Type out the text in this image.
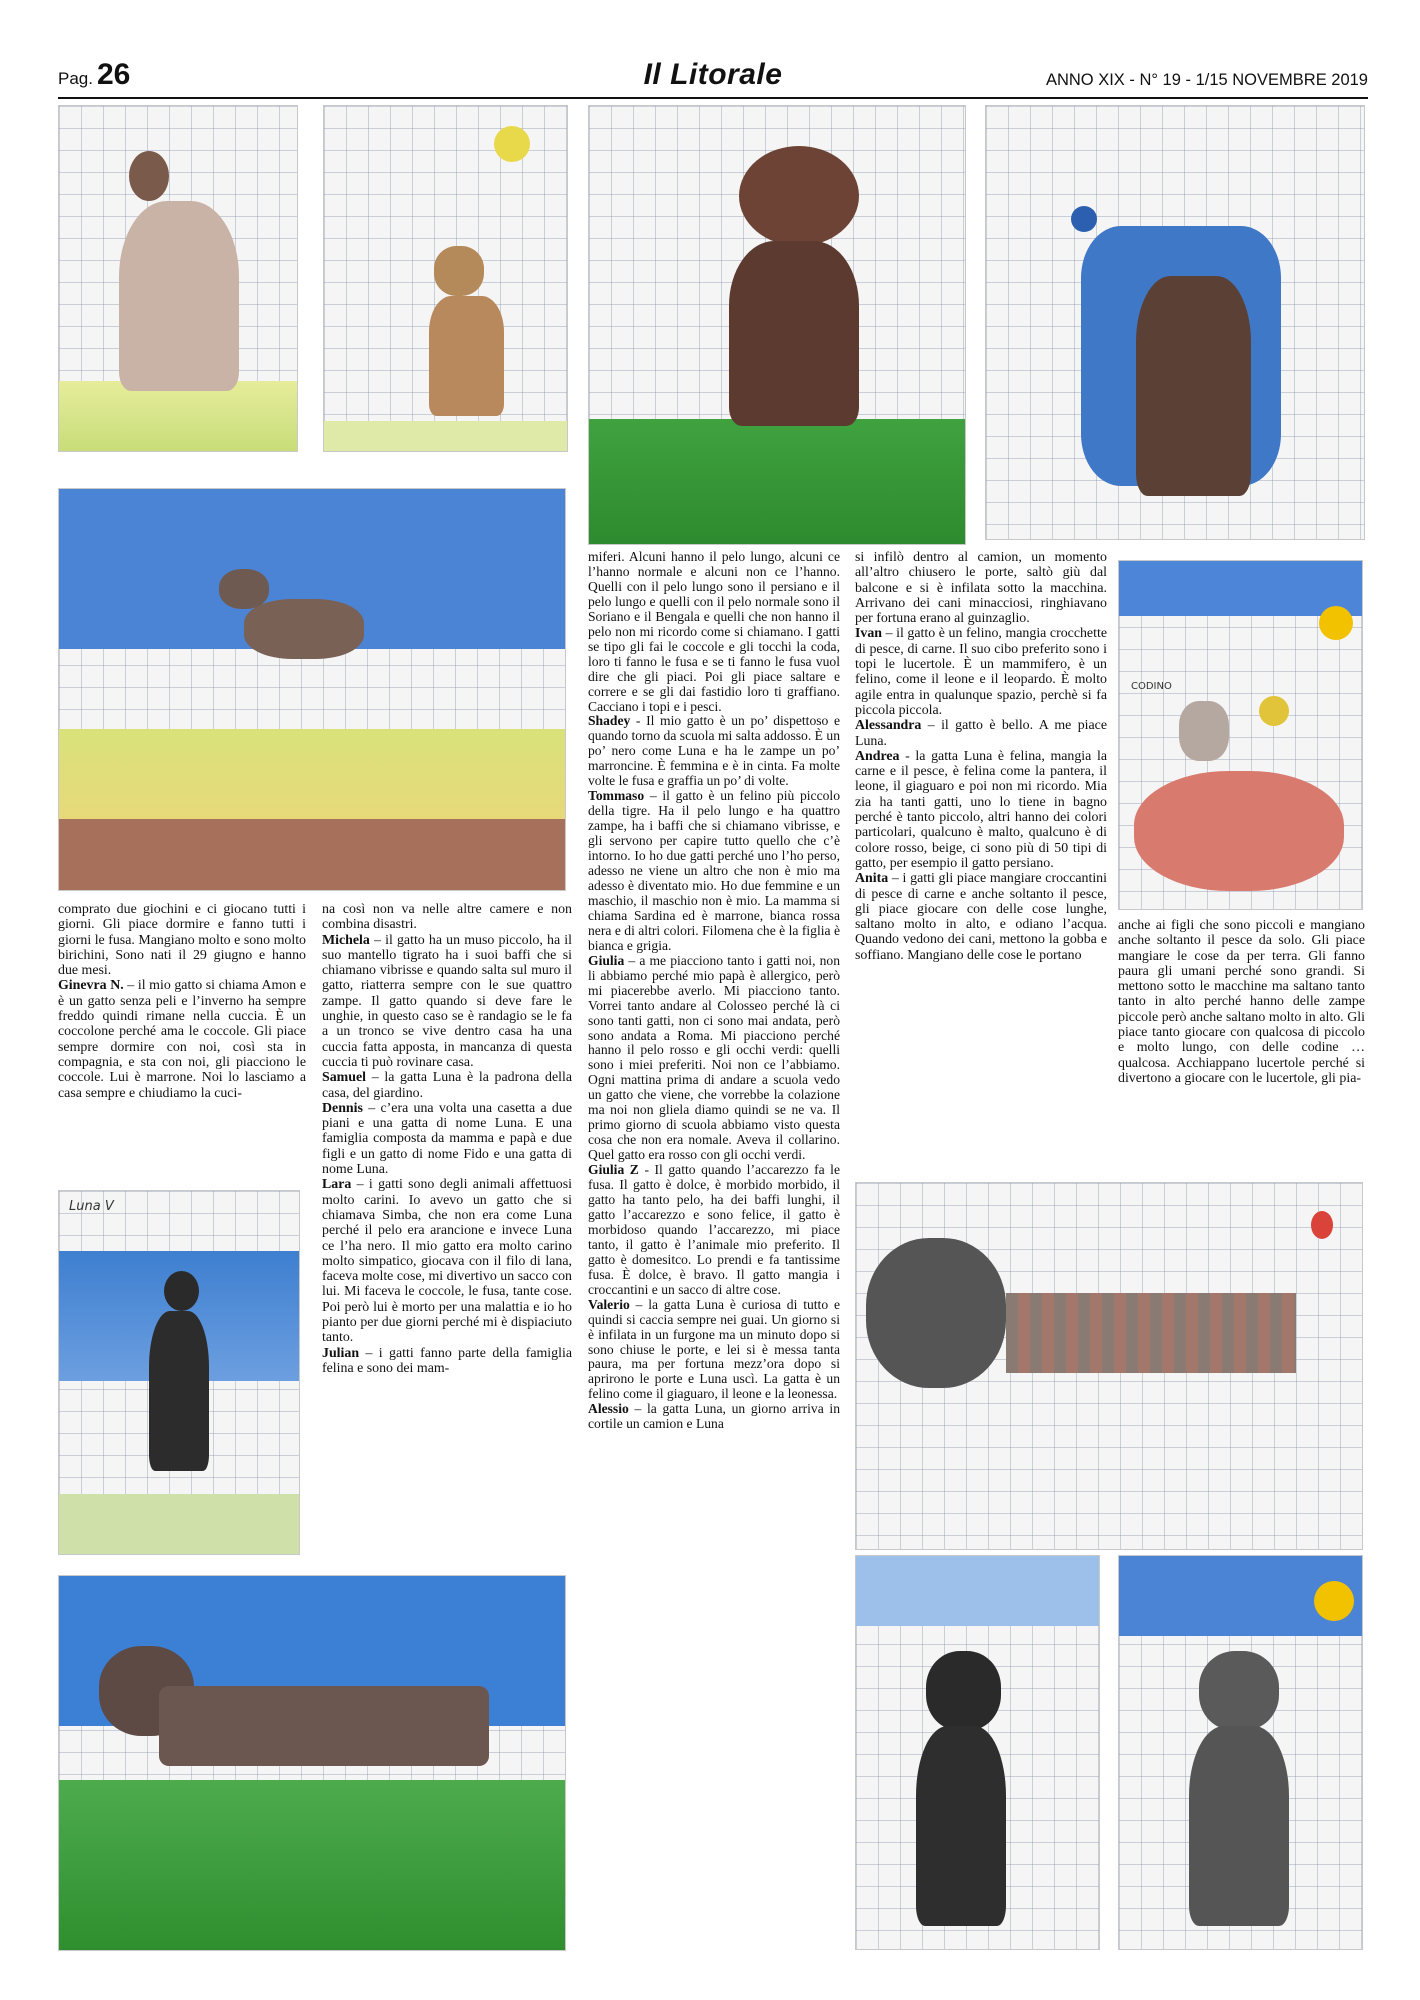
Pag. 26	Il Litorale	ANNO XIX - N° 19 - 1/15 NOVEMBRE 2019
Luna V
CODINO

comprato due giochini e ci giocano tutti i giorni. Gli piace dormire e fanno tutti i giorni le fusa. Mangiano molto e sono molto birichini, Sono nati il 29 giugno e hanno due mesi.

Ginevra N. – il mio gatto si chiama Amon e è un gatto senza peli e l’inverno ha sempre freddo quindi rimane nella cuccia. È un coccolone perché ama le coccole. Gli piace sempre dormire con noi, così sta in compagnia, e sta con noi, gli piacciono le coccole. Lui è marrone. Noi lo lasciamo a casa sempre e chiudiamo la cuci-

na così non va nelle altre camere e non combina disastri.

Michela – il gatto ha un muso piccolo, ha il suo mantello tigrato ha i suoi baffi che si chiamano vibrisse e quando salta sul muro il gatto, riatterra sempre con le sue quattro zampe. Il gatto quando si deve fare le unghie, in questo caso se è randagio se le fa a un tronco se vive dentro casa ha una cuccia fatta apposta, in mancanza di questa cuccia ti può rovinare casa.

Samuel – la gatta Luna è la padrona della casa, del giardino.

Dennis – c’era una volta una casetta a due piani e una gatta di nome Luna. E una famiglia composta da mamma e papà e due figli e un gatto di nome Fido e una gatta di nome Luna.

Lara – i gatti sono degli animali affettuosi molto carini. Io avevo un gatto che si chiamava Simba, che non era come Luna perché il pelo era arancione e invece Luna ce l’ha nero. Il mio gatto era molto carino molto simpatico, giocava con il filo di lana, faceva molte cose, mi divertivo un sacco con lui. Mi faceva le coccole, le fusa, tante cose. Poi però lui è morto per una malattia e io ho pianto per due giorni perché mi è dispiaciuto tanto.

Julian – i gatti fanno parte della famiglia felina e sono dei mam-

miferi. Alcuni hanno il pelo lungo, alcuni ce l’hanno normale e alcuni non ce l’hanno. Quelli con il pelo lungo sono il persiano e il pelo lungo e quelli con il pelo normale sono il Soriano e il Bengala e quelli che non hanno il pelo non mi ricordo come si chiamano. I gatti se tipo gli fai le coccole e gli tocchi la coda, loro ti fanno le fusa e se ti fanno le fusa vuol dire che gli piaci. Poi gli piace saltare e correre e se gli dai fastidio loro ti graffiano. Cacciano i topi e i pesci.

Shadey - Il mio gatto è un po’ dispettoso e quando torno da scuola mi salta addosso. È un po’ nero come Luna e ha le zampe un po’ marroncine. È femmina e è in cinta. Fa molte volte le fusa e graffia un po’ di volte.

Tommaso – il gatto è un felino più piccolo della tigre. Ha il pelo lungo e ha quattro zampe, ha i baffi che si chiamano vibrisse, e gli servono per capire tutto quello che c’è intorno. Io ho due gatti perché uno l’ho perso, adesso ne viene un altro che non è mio ma adesso è diventato mio. Ho due femmine e un maschio, il maschio non è mio. La mamma si chiama Sardina ed è marrone, bianca rossa nera e di altri colori. Filomena che è la figlia è bianca e grigia.

Giulia – a me piacciono tanto i gatti noi, non li abbiamo perché mio papà è allergico, però mi piacerebbe averlo. Mi piacciono tanto. Vorrei tanto andare al Colosseo perché là ci sono tanti gatti, non ci sono mai andata, però sono andata a Roma. Mi piacciono perché hanno il pelo rosso e gli occhi verdi: quelli sono i miei preferiti. Noi non ce l’abbiamo. Ogni mattina prima di andare a scuola vedo un gatto che viene, che vorrebbe la colazione ma noi non gliela diamo quindi se ne va. Il primo giorno di scuola abbiamo visto questa cosa che non era nomale. Aveva il collarino. Quel gatto era rosso con gli occhi verdi.

Giulia Z - Il gatto quando l’accarezzo fa le fusa. Il gatto è dolce, è morbido morbido, il gatto ha tanto pelo, ha dei baffi lunghi, il gatto l’accarezzo e sono felice, il gatto è morbidoso quando l’accarezzo, mi piace tanto, il gatto è l’animale mio preferito. Il gatto è domesitco. Lo prendi e fa tantissime fusa. È dolce, è bravo. Il gatto mangia i croccantini e un sacco di altre cose.

Valerio – la gatta Luna è curiosa di tutto e quindi si caccia sempre nei guai. Un giorno si è infilata in un furgone ma un minuto dopo si sono chiuse le porte, e lei si è messa tanta paura, ma per fortuna mezz’ora dopo si aprirono le porte e Luna uscì. La gatta è un felino come il giaguaro, il leone e la leonessa.

Alessio – la gatta Luna, un giorno arriva in cortile un camion e Luna

si infilò dentro al camion, un momento all’altro chiusero le porte, saltò giù dal balcone e si è infilata sotto la macchina. Arrivano dei cani minacciosi, ringhiavano per fortuna erano al guinzaglio.

Ivan – il gatto è un felino, mangia crocchette di pesce, di carne. Il suo cibo preferito sono i topi le lucertole. È un mammifero, è un felino, come il leone e il leopardo. È molto agile entra in qualunque spazio, perchè si fa piccola piccola.

Alessandra – il gatto è bello. A me piace Luna.

Andrea - la gatta Luna è felina, mangia la carne e il pesce, è felina come la pantera, il leone, il giaguaro e poi non mi ricordo. Mia zia ha tanti gatti, uno lo tiene in bagno perché è tanto piccolo, altri hanno dei colori particolari, qualcuno è malto, qualcuno è di colore rosso, beige, ci sono più di 50 tipi di gatto, per esempio il gatto persiano.

Anita – i gatti gli piace mangiare croccantini di pesce di carne e anche soltanto il pesce, gli piace giocare con delle cose lunghe, saltano molto in alto, e odiano l’acqua. Quando vedono dei cani, mettono la gobba e soffiano. Mangiano delle cose le portano

anche ai figli che sono piccoli e mangiano anche soltanto il pesce da solo. Gli piace mangiare le cose da per terra. Gli fanno paura gli umani perché sono grandi. Si mettono sotto le macchine ma saltano tanto tanto in alto perché hanno delle zampe piccole però anche saltano molto in alto. Gli piace tanto giocare con qualcosa di piccolo e molto lungo, con delle codine … qualcosa. Acchiappano lucertole perché si divertono a giocare con le lucertole, gli pia-
